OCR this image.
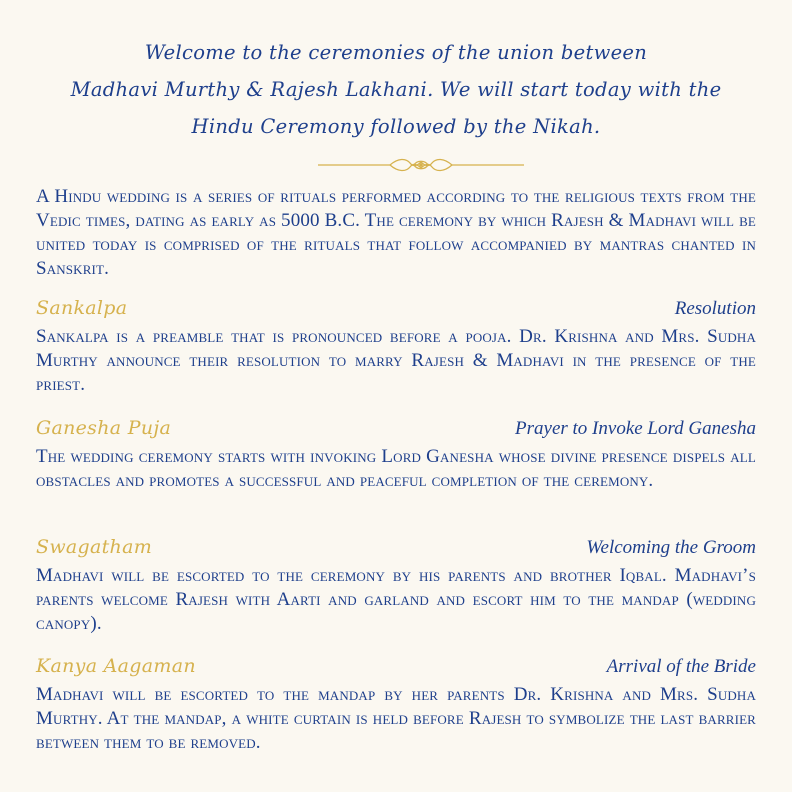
Welcome to the ceremonies of the union between
Madhavi Murthy & Rajesh Lakhani. We will start today with the
Hindu Ceremony followed by the Nikah.

A Hindu wedding is a series of rituals performed according to the religious texts from the Vedic times, dating as early as 5000 B.C. The ceremony by which Rajesh & Madhavi will be united today is comprised of the rituals that follow accompanied by mantras chanted in Sanskrit.

Sankalpa	Resolution

Sankalpa is a preamble that is pronounced before a pooja. Dr. Krishna and Mrs. Sudha Murthy announce their resolution to marry Rajesh & Madhavi in the presence of the priest.

Ganesha Puja	Prayer to Invoke Lord Ganesha

The wedding ceremony starts with invoking Lord Ganesha whose divine presence dispels all obstacles and promotes a successful and peaceful completion of the ceremony.

Swagatham	Welcoming the Groom

Madhavi will be escorted to the ceremony by his parents and brother Iqbal. Madhavi’s parents welcome Rajesh with Aarti and garland and escort him to the mandap (wedding canopy).

Kanya Aagaman	Arrival of the Bride

Madhavi will be escorted to the mandap by her parents Dr. Krishna and Mrs. Sudha Murthy. At the mandap, a white curtain is held before Rajesh to symbolize the last barrier between them to be removed.
